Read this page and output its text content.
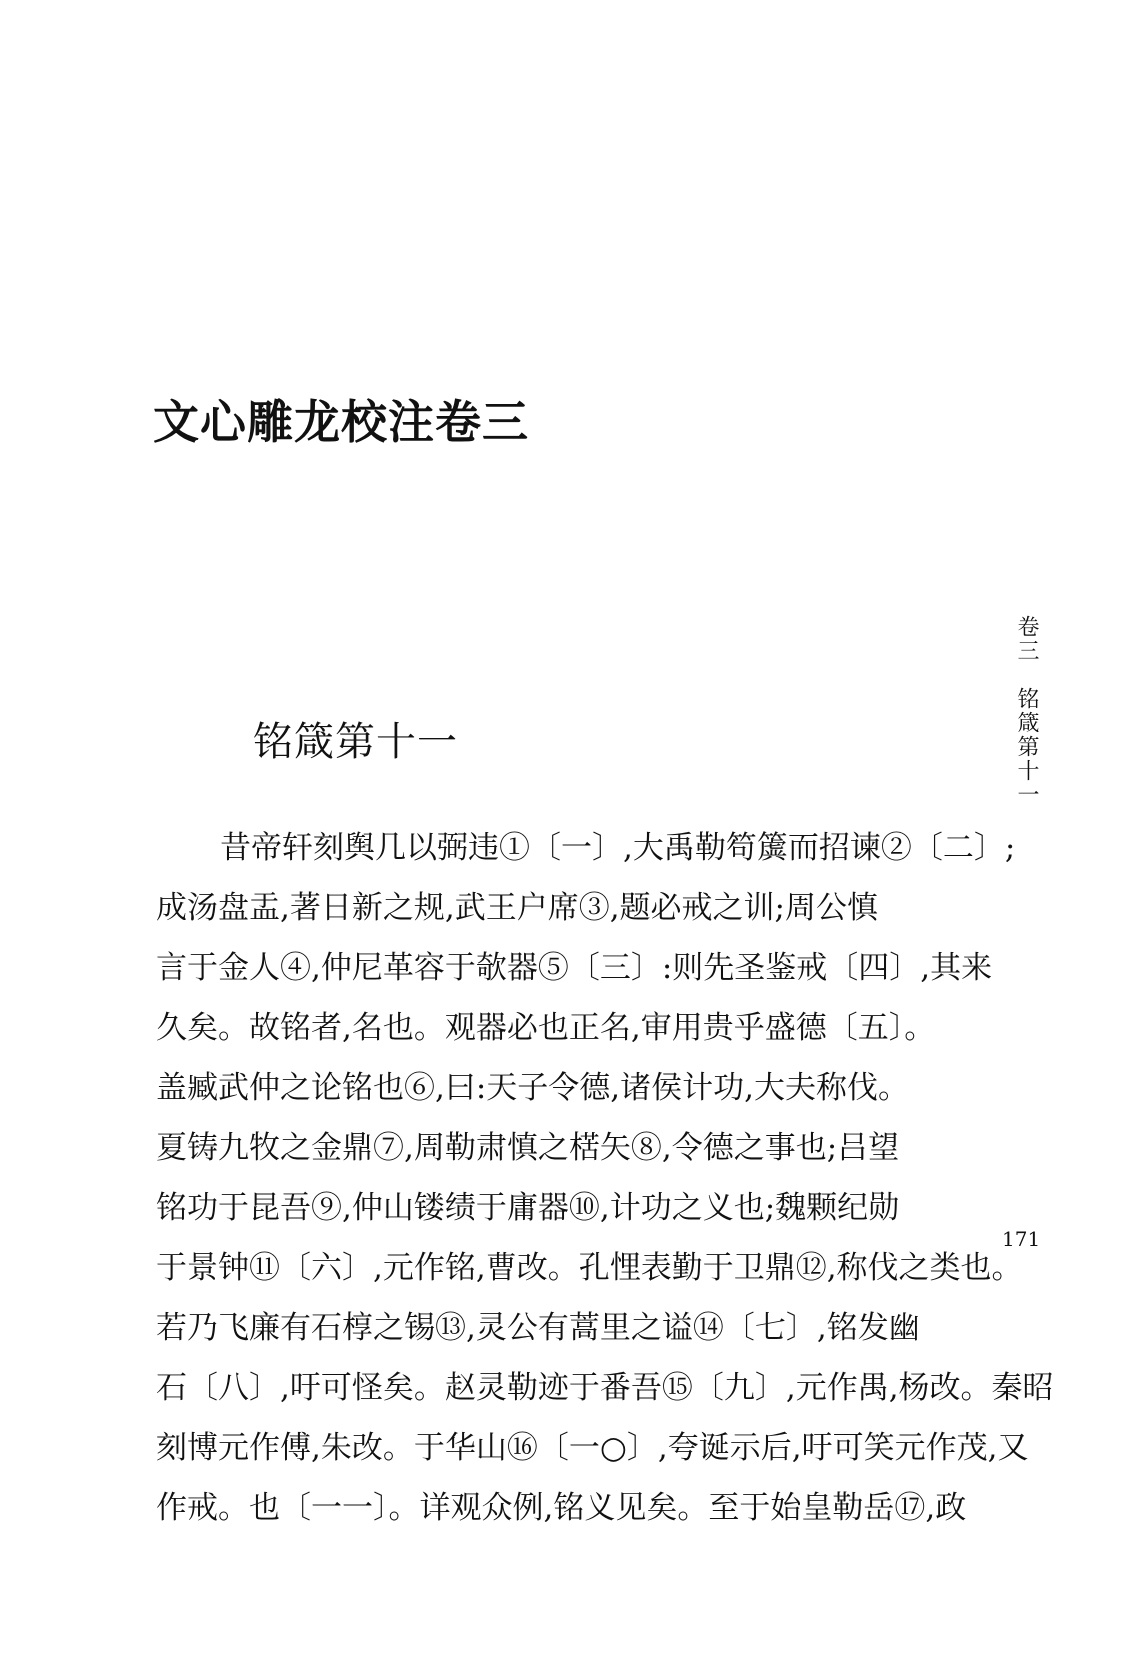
文心雕龙校注卷三
卷三　铭箴第十一
铭箴第十一
171
昔帝轩刻舆几以弼违①〔一〕,大禹勒笱簴而招谏②〔二〕;
成汤盘盂,著日新之规,武王户席③,题必戒之训;周公慎
言于金人④,仲尼革容于欹器⑤〔三〕:则先圣鉴戒〔四〕,其来
久矣。故铭者,名也。观器必也正名,审用贵乎盛德〔五〕。
盖臧武仲之论铭也⑥,曰:天子令德,诸侯计功,大夫称伐。
夏铸九牧之金鼎⑦,周勒肃慎之楛矢⑧,令德之事也;吕望
铭功于昆吾⑨,仲山镂绩于庸器⑩,计功之义也;魏颗纪勋
于景钟⑪〔六〕,元作铭,曹改。孔悝表勤于卫鼎⑫,称伐之类也。
若乃飞廉有石椁之锡⑬,灵公有蒿里之谥⑭〔七〕,铭发幽
石〔八〕,吁可怪矣。赵灵勒迹于番吾⑮〔九〕,元作禺,杨改。秦昭
刻博元作傅,朱改。于华山⑯〔一○〕,夸诞示后,吁可笑元作茂,又
作戒。也〔一一〕。详观众例,铭义见矣。至于始皇勒岳⑰,政
